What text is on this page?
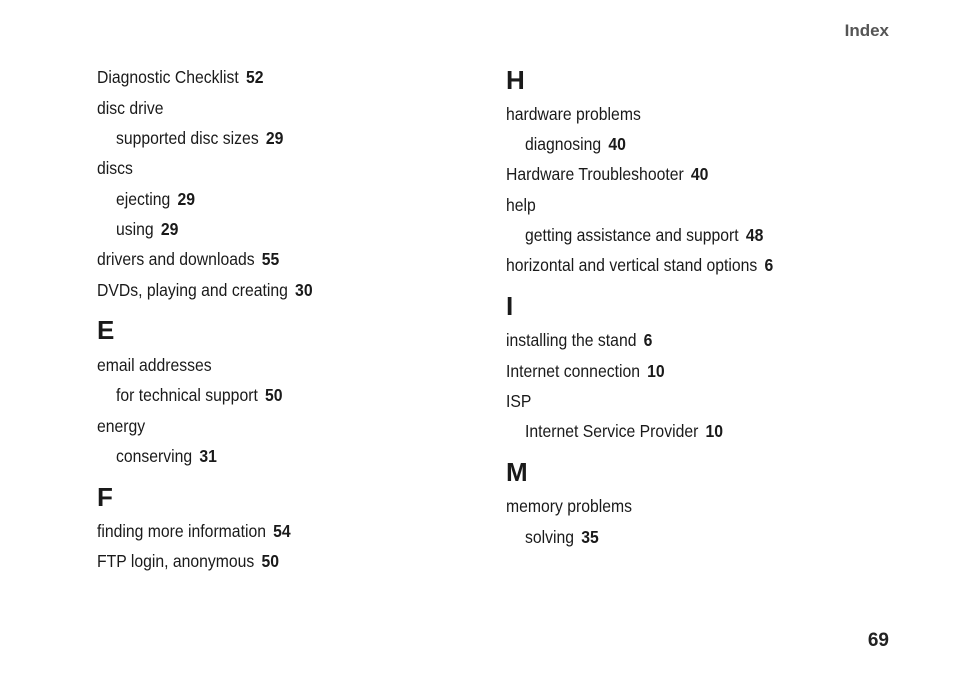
Index
Diagnostic Checklist 52
disc drive
supported disc sizes 29
discs
ejecting 29
using 29
drivers and downloads 55
DVDs, playing and creating 30
E
email addresses
for technical support 50
energy
conserving 31
F
finding more information 54
FTP login, anonymous 50
H
hardware problems
diagnosing 40
Hardware Troubleshooter 40
help
getting assistance and support 48
horizontal and vertical stand options 6
I
installing the stand 6
Internet connection 10
ISP
Internet Service Provider 10
M
memory problems
solving 35
69
